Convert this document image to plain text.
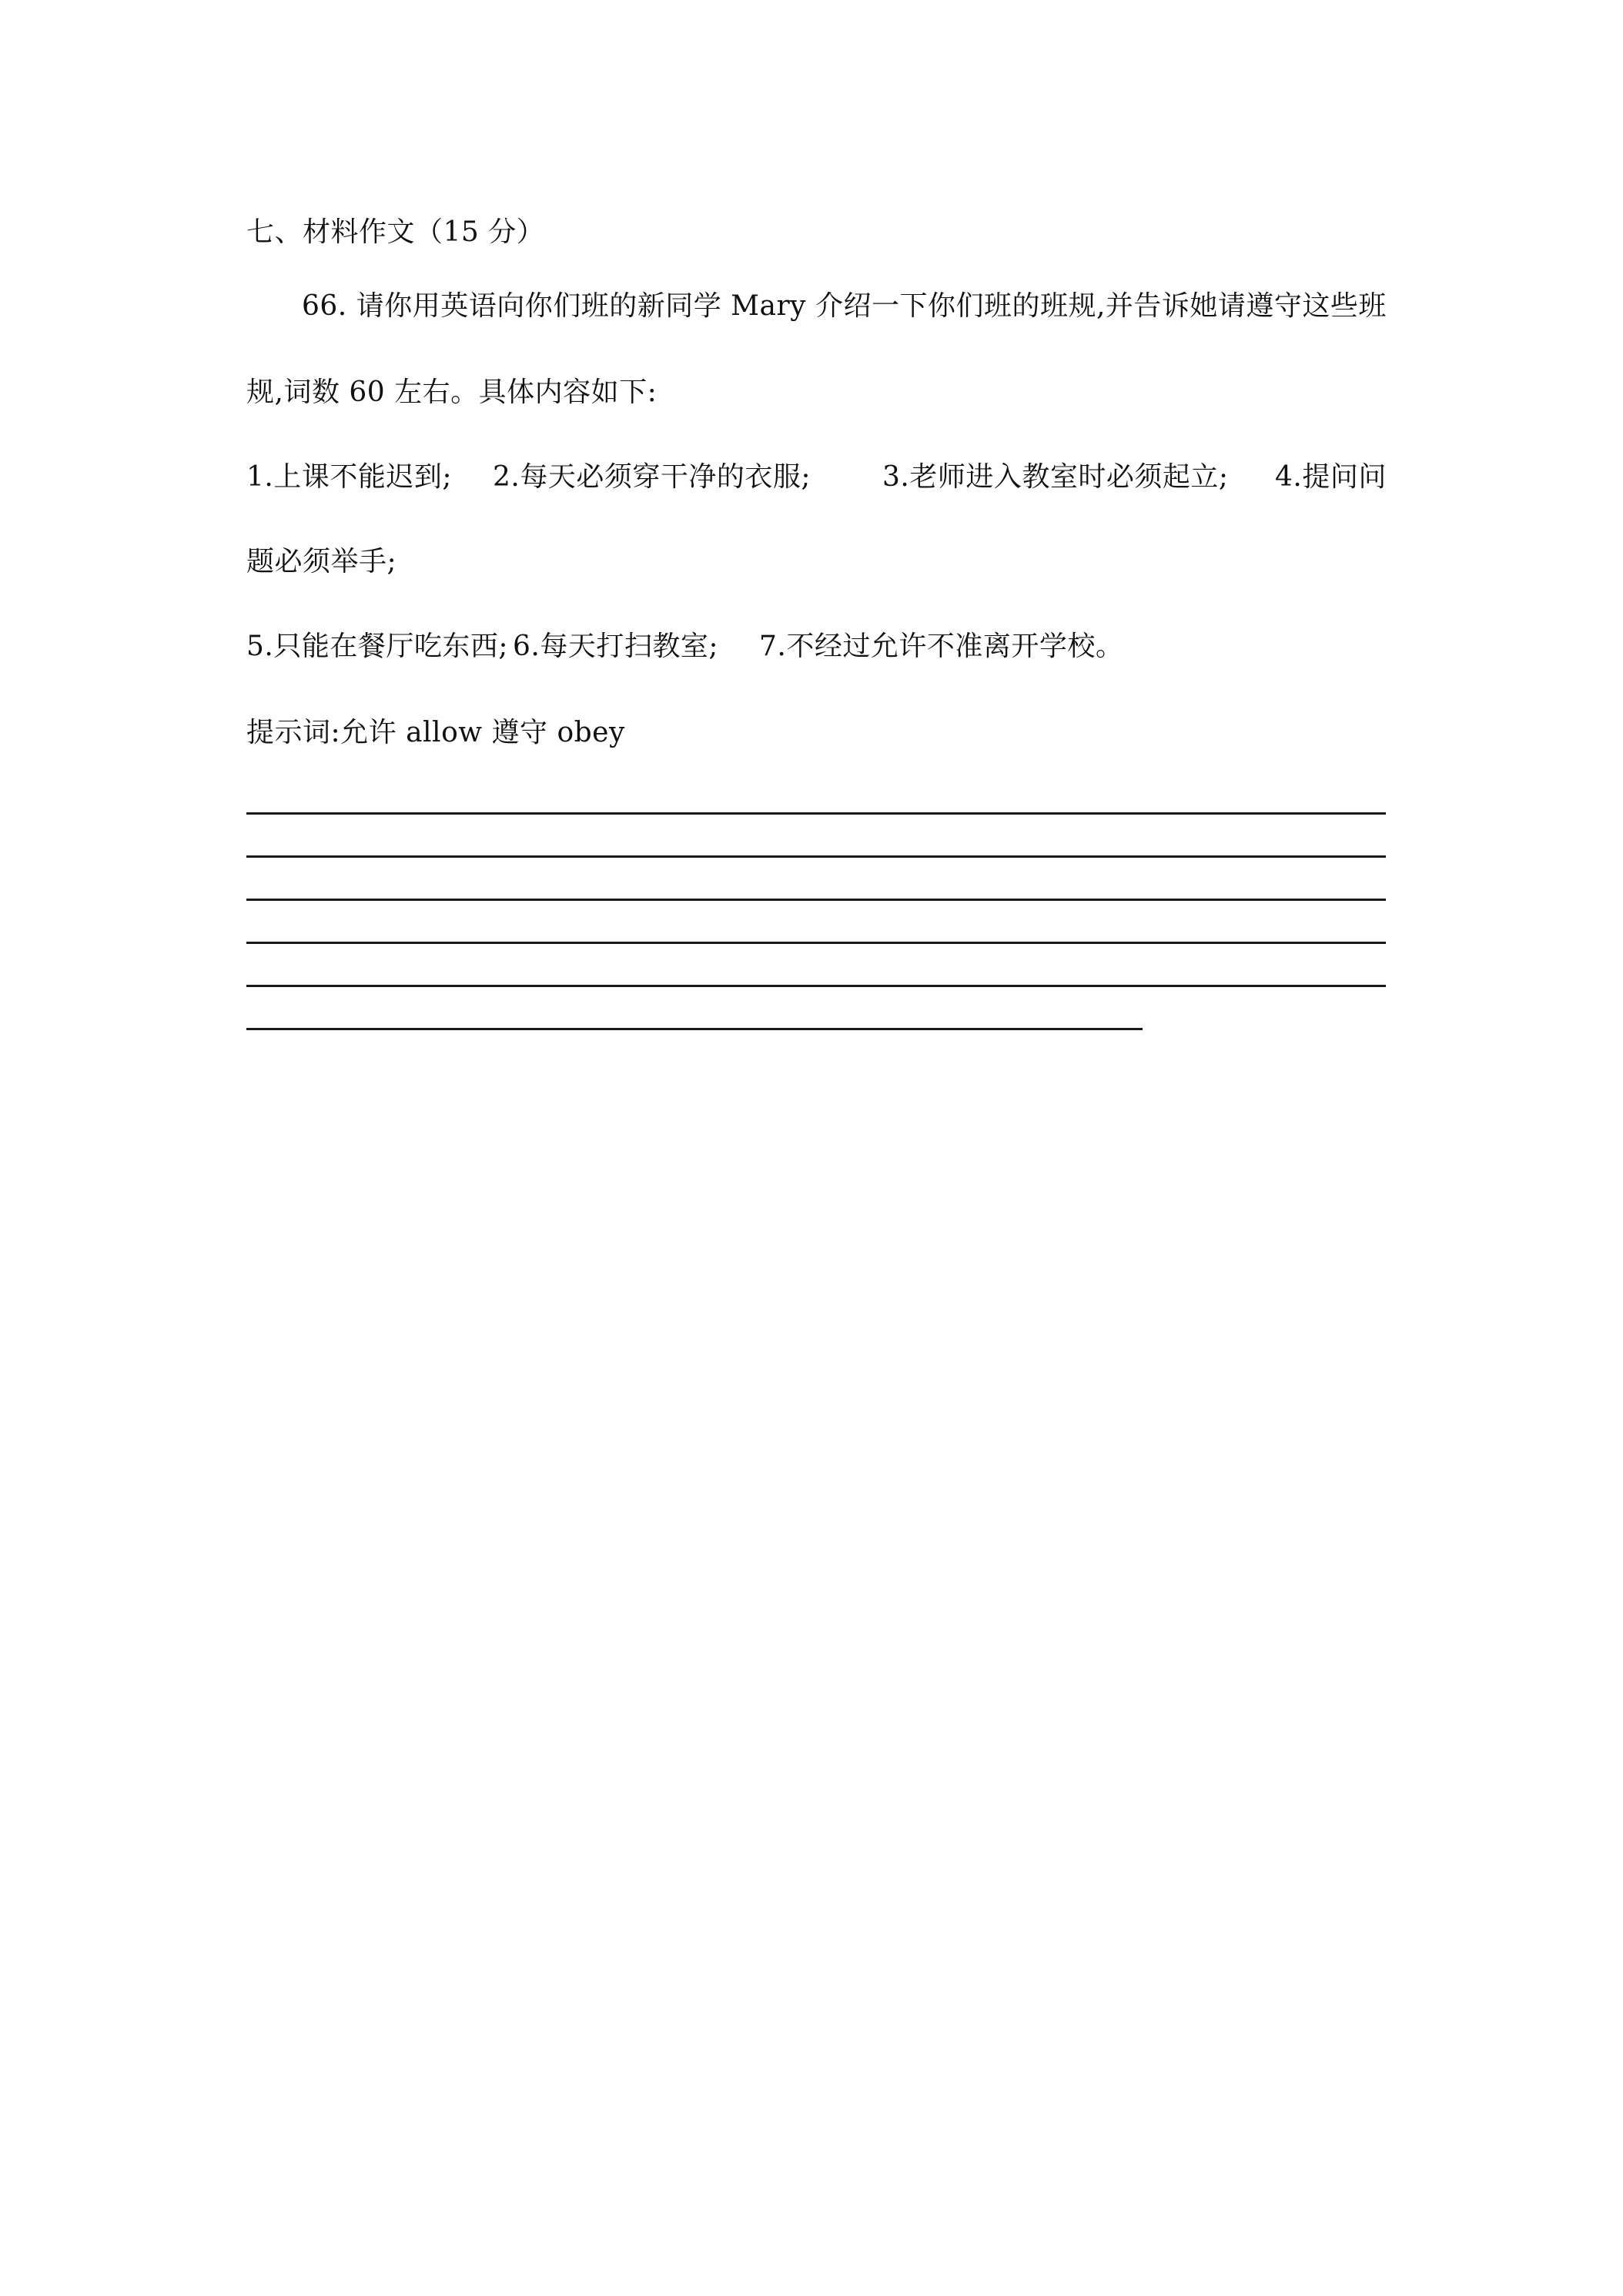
七、材料作文（15 分）
66. 请你用英语向你们班的新同学 Mary 介绍一下你们班的班规,并告诉她请遵守这些班
规,词数 60 左右。具体内容如下:
1.上课不能迟到; 2.每天必须穿干净的衣服;	3.老师进入教室时必须起立; 4.提问问
题必须举手;
5.只能在餐厅吃东西; 6.每天打扫教室; 7.不经过允许不准离开学校。
提示词:允许 allow 遵守 obey
